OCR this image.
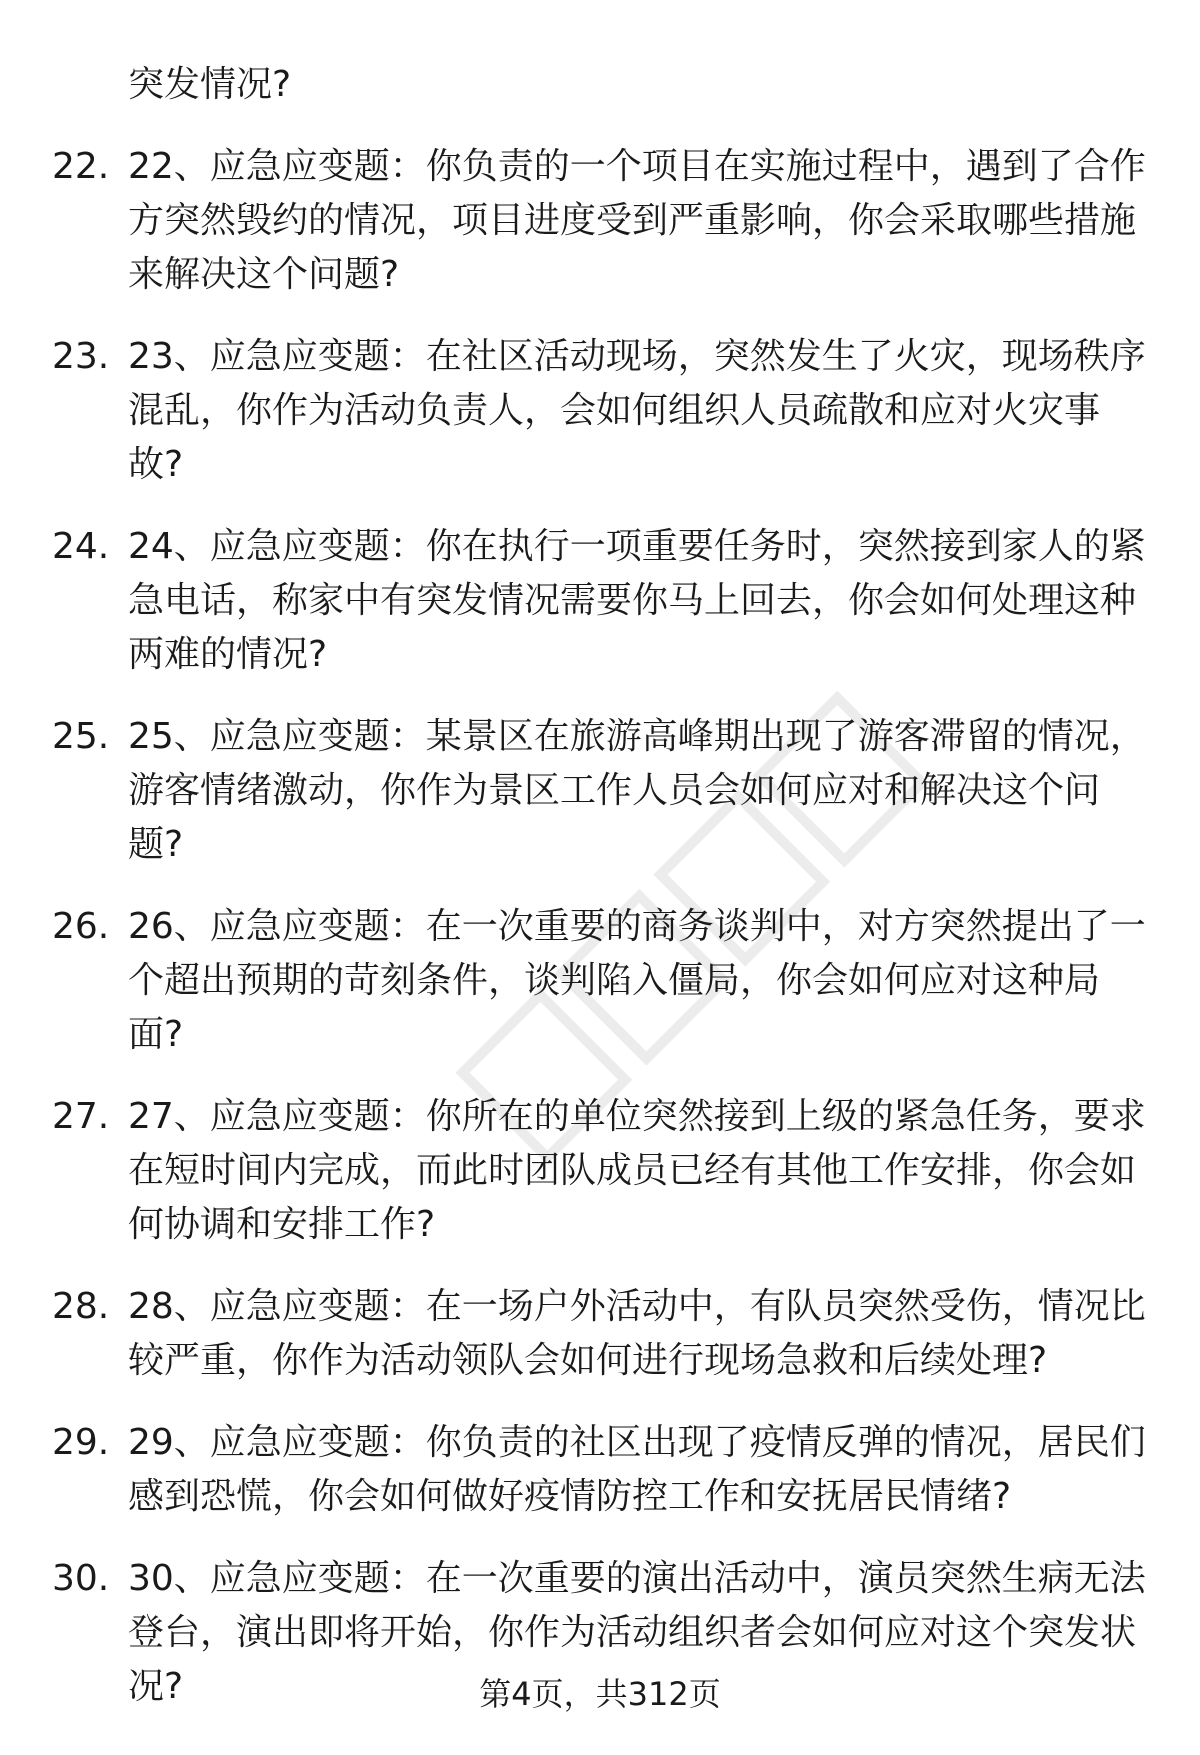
突发情况?

22. 22、应急应变题：你负责的一个项目在实施过程中，遇到了合作
方突然毁约的情况，项目进度受到严重影响，你会采取哪些措施
来解决这个问题?

23. 23、应急应变题：在社区活动现场，突然发生了火灾，现场秩序
混乱，你作为活动负责人，会如何组织人员疏散和应对火灾事
故?

24. 24、应急应变题：你在执行一项重要任务时，突然接到家人的紧
急电话，称家中有突发情况需要你马上回去，你会如何处理这种
两难的情况?

25. 25、应急应变题：某景区在旅游高峰期出现了游客滞留的情况，
游客情绪激动，你作为景区工作人员会如何应对和解决这个问
题?

26. 26、应急应变题：在一次重要的商务谈判中，对方突然提出了一
个超出预期的苛刻条件，谈判陷入僵局，你会如何应对这种局
面?

27. 27、应急应变题：你所在的单位突然接到上级的紧急任务，要求
在短时间内完成，而此时团队成员已经有其他工作安排，你会如
何协调和安排工作?

28. 28、应急应变题：在一场户外活动中，有队员突然受伤，情况比
较严重，你作为活动领队会如何进行现场急救和后续处理?

29. 29、应急应变题：你负责的社区出现了疫情反弹的情况，居民们
感到恐慌，你会如何做好疫情防控工作和安抚居民情绪?

30. 30、应急应变题：在一次重要的演出活动中，演员突然生病无法
登台，演出即将开始，你作为活动组织者会如何应对这个突发状
况?	第4页，共312页
